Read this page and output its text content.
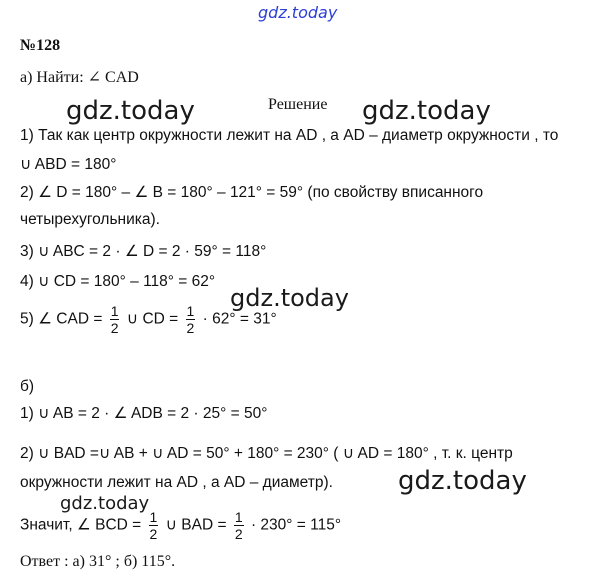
gdz.today
gdz.today	gdz.today
gdz.today
gdz.today
gdz.today
№128
а) Найти: ∠ CAD
Решение
1) Так как центр окружности лежит на AD , а AD – диаметр окружности , то
∪ ABD = 180°
2) ∠ D = 180° – ∠ B = 180° – 121° = 59° (по свойству вписанного
четырехугольника).
3) ∪ ABC = 2 · ∠ D = 2 · 59° = 118°
4) ∪ CD = 180° – 118° = 62°
5) ∠ CAD = $\frac{1}{2}$ ∪ CD = $\frac{1}{2} \cdot 62^\circ = 31^\circ$
б)
1) ∪ AB = 2 · ∠ ADB = 2 · 25° = 50°
2) ∪ BAD =∪ AB + ∪ AD = 50° + 180° = 230° ( ∪ AD = 180° , т. к. центр
окружности лежит на AD , а AD – диаметр).
Значит, ∠ BCD = $\frac{1}{2}$ ∪ BAD = $\frac{1}{2} \cdot 230^\circ = 115^\circ$
Ответ : а) 31° ; б) 115°.
